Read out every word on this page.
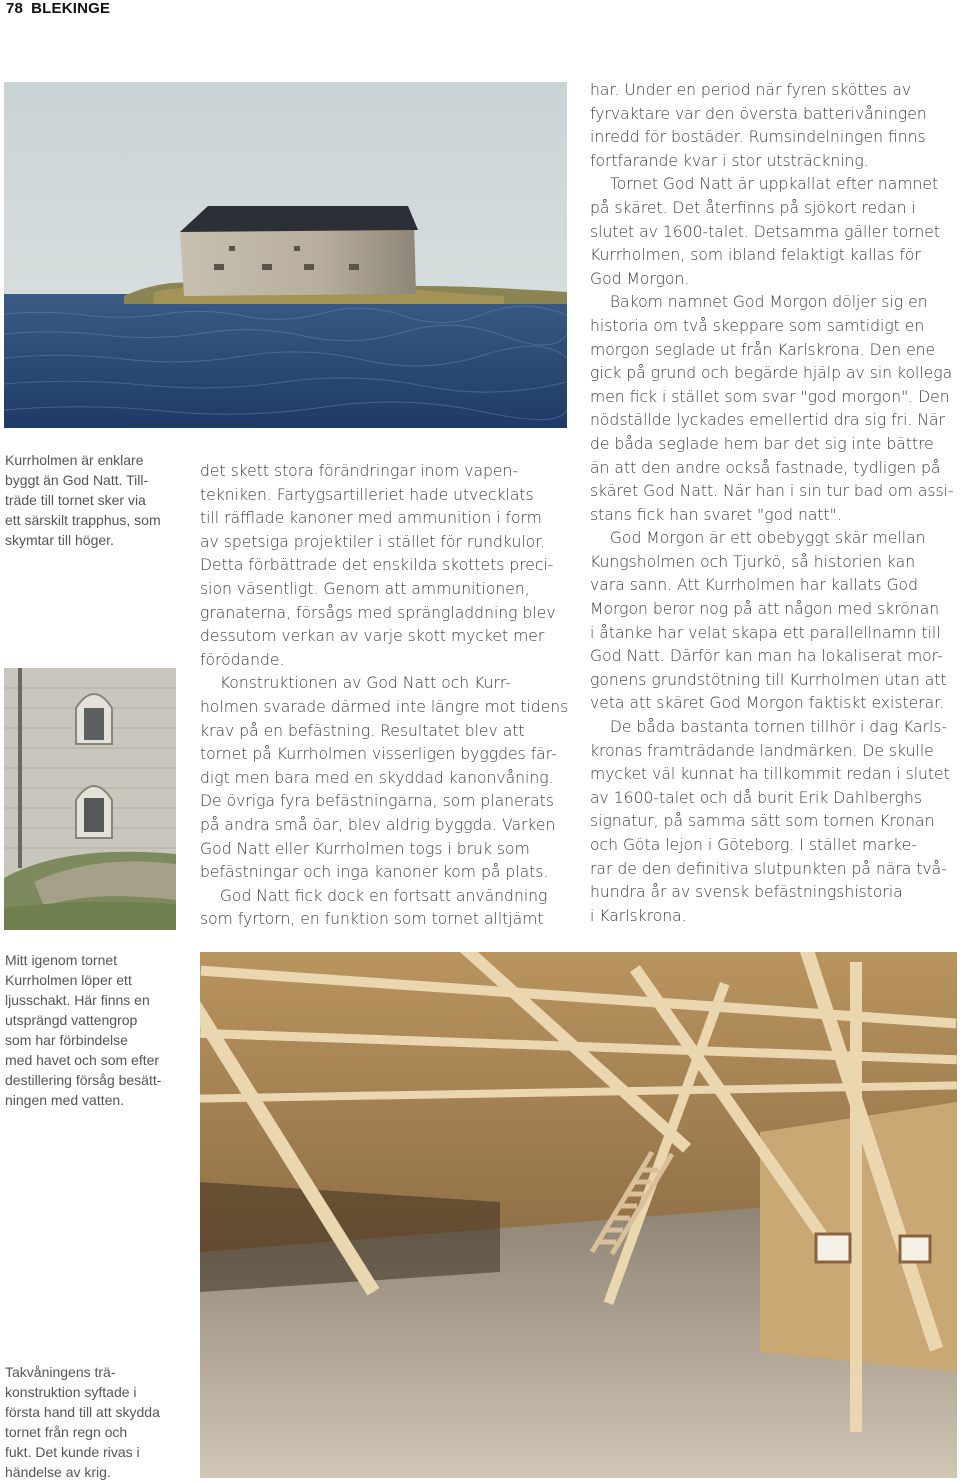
78 BLEKINGE
Kurrholmen är enklare
byggt än God Natt. Till-
träde till tornet sker via
ett särskilt trapphus, som
skymtar till höger.
Mitt igenom tornet
Kurrholmen löper ett
ljusschakt. Här finns en
utsprängd vattengrop
som har förbindelse
med havet och som efter
destillering försåg besätt-
ningen med vatten.
Takvåningens trä-
konstruktion syftade i
första hand till att skydda
tornet från regn och
fukt. Det kunde rivas i
händelse av krig.
det skett stora förändringar inom vapen-
tekniken. Fartygsartilleriet hade utvecklats
till räfflade kanoner med ammunition i form
av spetsiga projektiler i stället för rundkulor.
Detta förbättrade det enskilda skottets preci-
sion väsentligt. Genom att ammunitionen,
granaterna, försågs med sprängladdning blev
dessutom verkan av varje skott mycket mer
förödande.
Konstruktionen av God Natt och Kurr-
holmen svarade därmed inte längre mot tidens
krav på en befästning. Resultatet blev att
tornet på Kurrholmen visserligen byggdes fär-
digt men bara med en skyddad kanonvåning.
De övriga fyra befästningarna, som planerats
på andra små öar, blev aldrig byggda. Varken
God Natt eller Kurrholmen togs i bruk som
befästningar och inga kanoner kom på plats.
God Natt fick dock en fortsatt användning
som fyrtorn, en funktion som tornet alltjämt
har. Under en period när fyren sköttes av
fyrvaktare var den översta batterivåningen
inredd för bostäder. Rumsindelningen finns
fortfarande kvar i stor utsträckning.
Tornet God Natt är uppkallat efter namnet
på skäret. Det återfinns på sjökort redan i
slutet av 1600-talet. Detsamma gäller tornet
Kurrholmen, som ibland felaktigt kallas för
God Morgon.
Bakom namnet God Morgon döljer sig en
historia om två skeppare som samtidigt en
morgon seglade ut från Karlskrona. Den ene
gick på grund och begärde hjälp av sin kollega
men fick i stället som svar "god morgon". Den
nödställde lyckades emellertid dra sig fri. När
de båda seglade hem bar det sig inte bättre
än att den andre också fastnade, tydligen på
skäret God Natt. När han i sin tur bad om assi-
stans fick han svaret "god natt".
God Morgon är ett obebyggt skär mellan
Kungsholmen och Tjurkö, så historien kan
vara sann. Att Kurrholmen har kallats God
Morgon beror nog på att någon med skrönan
i åtanke har velat skapa ett parallellnamn till
God Natt. Därför kan man ha lokaliserat mor-
gonens grundstötning till Kurrholmen utan att
veta att skäret God Morgon faktiskt existerar.
De båda bastanta tornen tillhör i dag Karls-
kronas framträdande landmärken. De skulle
mycket väl kunnat ha tillkommit redan i slutet
av 1600-talet och då burit Erik Dahlberghs
signatur, på samma sätt som tornen Kronan
och Göta lejon i Göteborg. I stället marke-
rar de den definitiva slutpunkten på nära två-
hundra år av svensk befästningshistoria
i Karlskrona.
